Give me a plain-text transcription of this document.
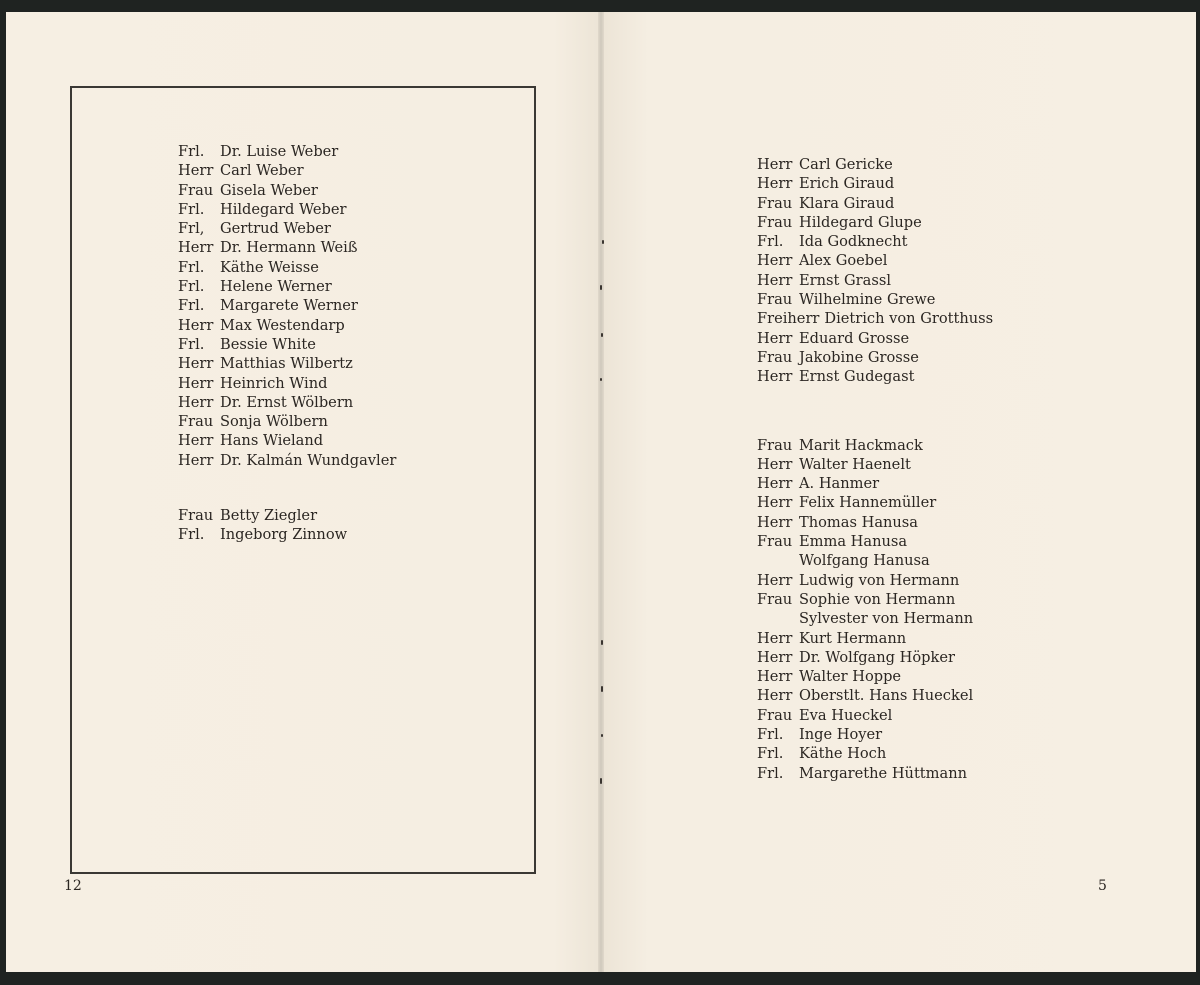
Frl.	Dr. Luise Weber
Herr Carl Weber
Frau Gisela Weber
Frl.	Hildegard Weber
Frl,	Gertrud Weber
Herr Dr. Hermann Weiß
Frl.	Käthe Weisse
Frl.	Helene Werner
Frl.	Margarete Werner
Herr Max Westendarp
Frl.	Bessie White
Herr Matthias Wilbertz
Herr Heinrich Wind
Herr Dr. Ernst Wölbern
Frau Sonja Wölbern
Herr Hans Wieland
Herr Dr. Kalmán Wundgavler
Frau Betty Ziegler
Frl.	Ingeborg Zinnow
Herr Carl Gericke
Herr Erich Giraud
Frau Klara Giraud
Frau Hildegard Glupe
Frl.	Ida Godknecht
Herr Alex Goebel
Herr Ernst Grassl
Frau Wilhelmine Grewe
Freiherr Dietrich von Grotthuss
Herr Eduard Grosse
Frau Jakobine Grosse
Herr Ernst Gudegast
Frau Marit Hackmack
Herr Walter Haenelt
Herr A. Hanmer
Herr Felix Hannemüller
Herr Thomas Hanusa
Frau Emma Hanusa
Wolfgang Hanusa
Herr Ludwig von Hermann
Frau Sophie von Hermann
Sylvester von Hermann
Herr Kurt Hermann
Herr Dr. Wolfgang Höpker
Herr Walter Hoppe
Herr Oberstlt. Hans Hueckel
Frau Eva Hueckel
Frl.	Inge Hoyer
Frl.	Käthe Hoch
Frl.	Margarethe Hüttmann
12	5
